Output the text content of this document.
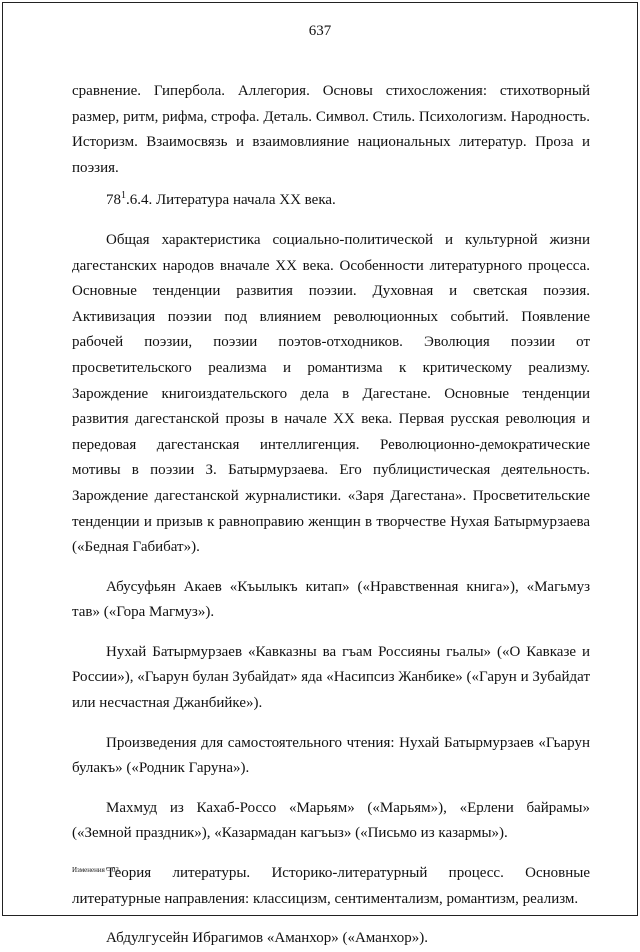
637

сравнение. Гипербола. Аллегория. Основы стихосложения: стихотворный размер, ритм, рифма, строфа. Деталь. Символ. Стиль. Психологизм. Народность. Историзм. Взаимосвязь и взаимовлияние национальных литератур. Проза и поэзия.

$78^1.6.4$. Литература начала XX века.

Общая характеристика социально-политической и культурной жизни дагестанских народов вначале XX века. Особенности литературного процесса. Основные тенденции развития поэзии. Духовная и светская поэзия. Активизация поэзии под влиянием революционных событий. Появление рабочей поэзии, поэзии поэтов-отходников. Эволюция поэзии от просветительского реализма и романтизма к критическому реализму. Зарождение книгоиздательского дела в Дагестане. Основные тенденции развития дагестанской прозы в начале XX века. Первая русская революция и передовая дагестанская интеллигенция. Революционно-демократические мотивы в поэзии З. Батырмурзаева. Его публицистическая деятельность. Зарождение дагестанской журналистики. «Заря Дагестана». Просветительские тенденции и призыв к равноправию женщин в творчестве Нухая Батырмурзаева («Бедная Габибат»).

Абусуфьян Акаев «Къылыкъ китап» («Нравственная книга»), «Магьмуз тав» («Гора Магмуз»).

Нухай Батырмурзаев «Кавказны ва гъам Россияны гьалы» («О Кавказе и России»), «Гьарун булан Зубайдат» яда «Насипсиз Жанбике» («Гарун и Зубайдат или несчастная Джанбийке»).

Произведения для самостоятельного чтения: Нухай Батырмурзаев «Гьарун булакъ» («Родник Гаруна»).

Махмуд из Кахаб-Россо «Марьям» («Марьям»), «Ерлени байрамы» («Земной праздник»), «Казармадан кагъыз» («Письмо из казармы»).

Теория литературы. Историко-литературный процесс. Основные литературные направления: классицизм, сентиментализм, романтизм, реализм.

Абдулгусейн Ибрагимов «Аманхор» («Аманхор»).

Изменения – 03
